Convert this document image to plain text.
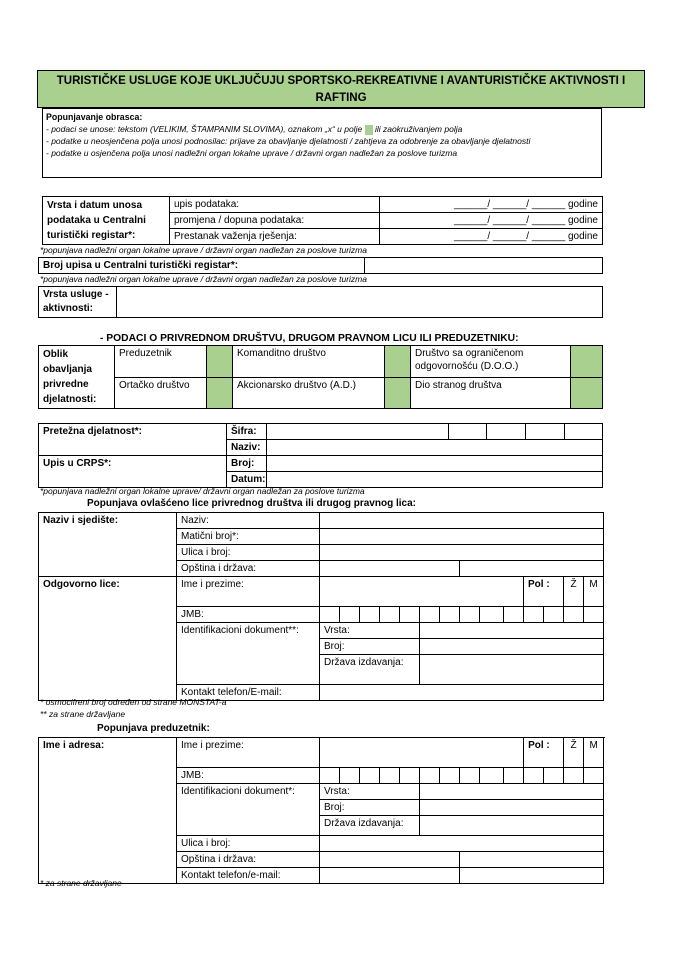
TURISTIČKE USLUGE KOJE UKLJUČUJU SPORTSKO-REKREATIVNE I AVANTURISTIČKE AKTIVNOSTI I RAFTING
Popunjavanje obrasca:
- podaci se unose: tekstom (VELIKIM, ŠTAMPANIM SLOVIMA), oznakom „x“ u polje ili zaokruživanjem polja
- podatke u neosjenčena polja unosi podnosilac: prijave za obavljanje djelatnosti / zahtjeva za odobrenje za obavljanje djelatnosti
- podatke u osjenčena polja unosi nadležni organ lokalne uprave / državni organ nadležan za poslove turizma
Vrsta i datum unosa podataka u Centralni turistički registar*:	upis podataka:	______/ ______/ ______ godine
	promjena / dopuna podataka:	______/ ______/ ______ godine
	Prestanak važenja rješenja:	______/ ______/ ______ godine
*popunjava nadležni organ lokalne uprave / državni organ nadležan za poslove turizma
Broj upisa u Centralni turistički registar*:	
*popunjava nadležni organ lokalne uprave / državni organ nadležan za poslove turizma
Vrsta usluge - aktivnosti:	
- PODACI O PRIVREDNOM DRUŠTVU, DRUGOM PRAVNOM LICU ILI PREDUZETNIKU:
Oblik obavljanja privredne djelatnosti:	Preduzetnik		Komanditno društvo		Društvo sa ograničenom odgovornošću (D.O.O.)	
	Ortačko društvo		Akcionarsko društvo (A.D.)		Dio stranog društva	
Pretežna djelatnost*:	Šifra:					
	Naziv:					
Upis u CRPS*:	Broj:					
	Datum:					
*popunjava nadležni organ lokalne uprave/ državni organ nadležan za poslove turizma
Popunjava ovlašćeno lice privrednog društva ili drugog pravnog lica:
Naziv i sjedište:	Naziv:														
	Matični broj*:														
	Ulica i broj:														
	Opština i država:														
Odgovorno lice:	Ime i prezime:											Pol :		Ž	M
	JMB:														
	Identifikacioni dokument**:	Vrsta:													
		Broj:													
		Država izdavanja:													
	Kontakt telefon/E-mail:														
* osmocifreni broj određen od strane MONSTAT-a
** za strane državljane
Popunjava preduzetnik:
Ime i adresa:	Ime i prezime:											Pol :		Ž	M
	JMB:														
	Identifikacioni dokument*:	Vrsta:													
		Broj:													
		Država izdavanja:													
	Ulica i broj:														
	Opština i država:														
	Kontakt telefon/e-mail:														
* za strane državljane
